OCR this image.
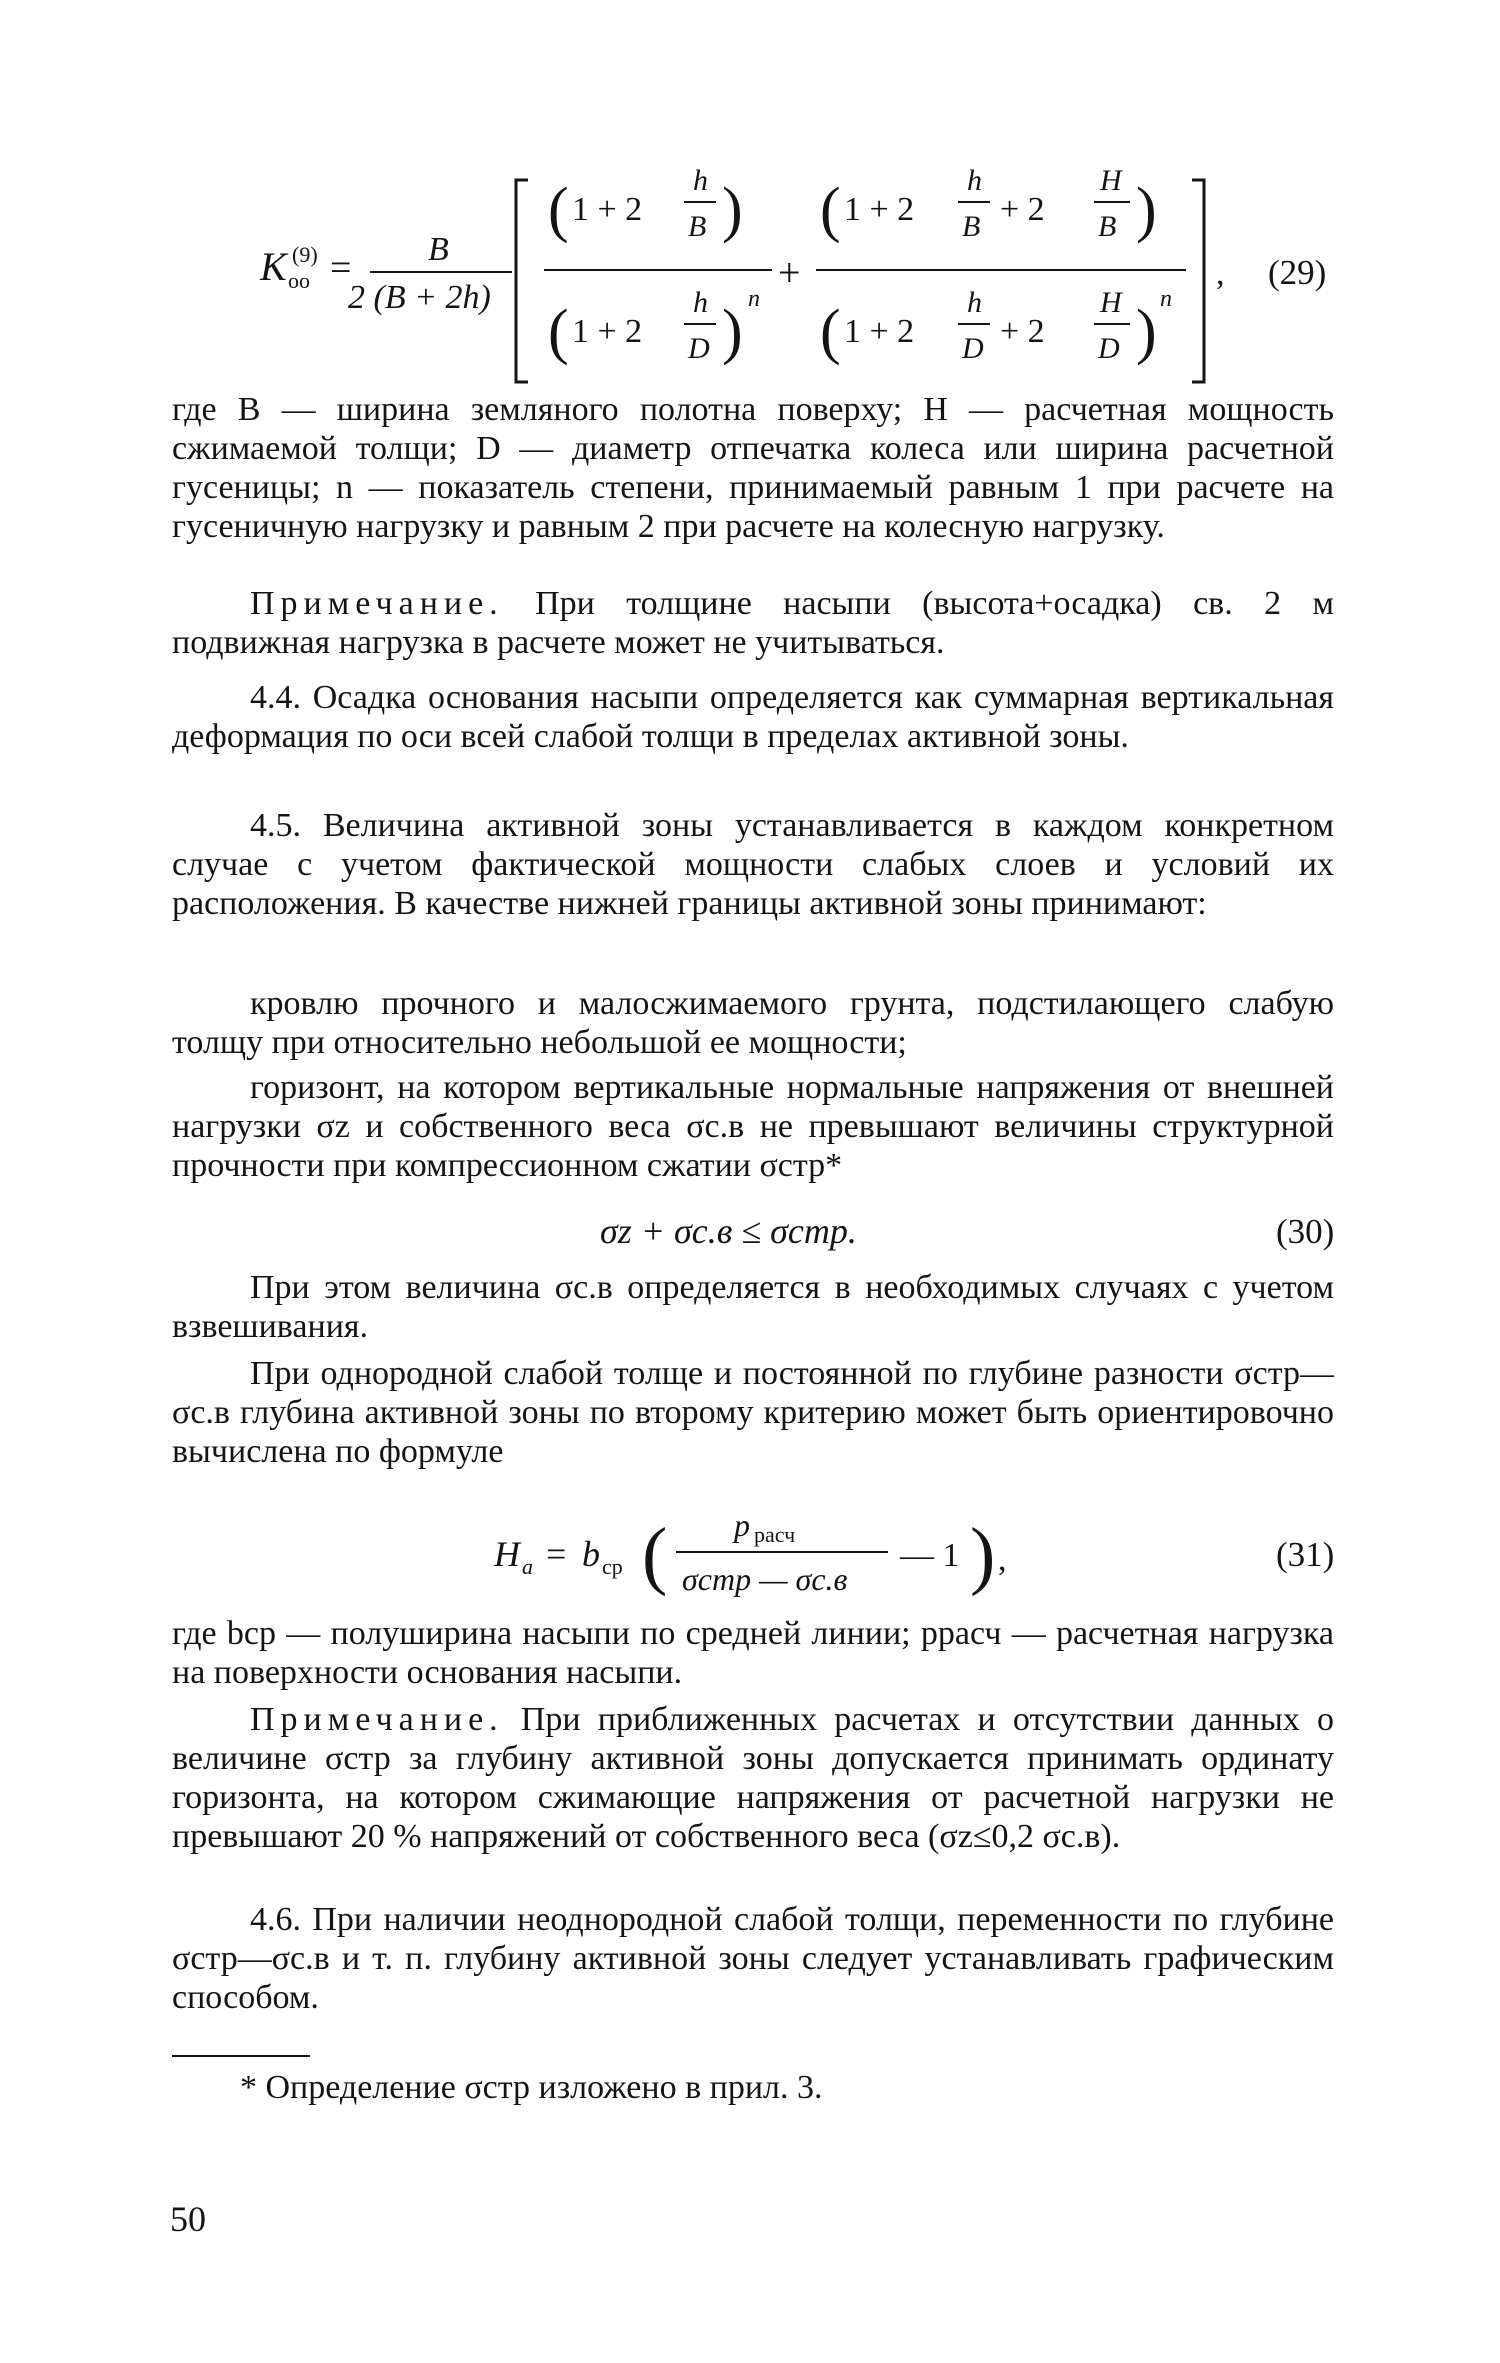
K (9)
oo = B
2 (B + 2h)
( 1 + 2
h
B )
( 1 + 2
h
D ) n
+
( 1 + 2
h
B + 2
H
B )
( 1 + 2
h
D + 2
H
D ) n
, (29)

где B — ширина земляного полотна поверху; H — расчетная мощность сжимаемой толщи; D — диаметр отпечатка колеса или ширина расчетной гусеницы; n — показатель степени, принимаемый равным 1 при расчете на гусеничную нагрузку и равным 2 при расчете на колесную нагрузку.

Примечание. При толщине насыпи (высота+осадка) св. 2 м подвижная нагрузка в расчете может не учитываться.

4.4. Осадка основания насыпи определяется как суммарная вертикальная деформация по оси всей слабой толщи в пределах активной зоны.

4.5. Величина активной зоны устанавливается в каждом конкретном случае с учетом фактической мощности слабых слоев и условий их расположения. В качестве нижней границы активной зоны принимают:

кровлю прочного и малосжимаемого грунта, подстилающего слабую толщу при относительно небольшой ее мощности;

горизонт, на котором вертикальные нормальные напряжения от внешней нагрузки σz и собственного веса σс.в не превышают величины структурной прочности при компрессионном сжатии σстр*

σz + σс.в ≤ σстр.	(30)

При этом величина σс.в определяется в необходимых случаях с учетом взвешивания.

При однородной слабой толще и постоянной по глубине разности σстр—σс.в глубина активной зоны по второму критерию может быть ориентировочно вычислена по формуле

H a = b ср ( p расч
σстр — σс.в
— 1 ) ,	(31)

где bср — полуширина насыпи по средней линии; pрасч — расчетная нагрузка на поверхности основания насыпи.

Примечание. При приближенных расчетах и отсутствии данных о величине σстр за глубину активной зоны допускается принимать ординату горизонта, на котором сжимающие напряжения от расчетной нагрузки не превышают 20 % напряжений от собственного веса (σz≤0,2 σс.в).

4.6. При наличии неоднородной слабой толщи, переменности по глубине σстр—σс.в и т. п. глубину активной зоны следует устанавливать графическим способом.

* Определение σстр изложено в прил. 3.

50
